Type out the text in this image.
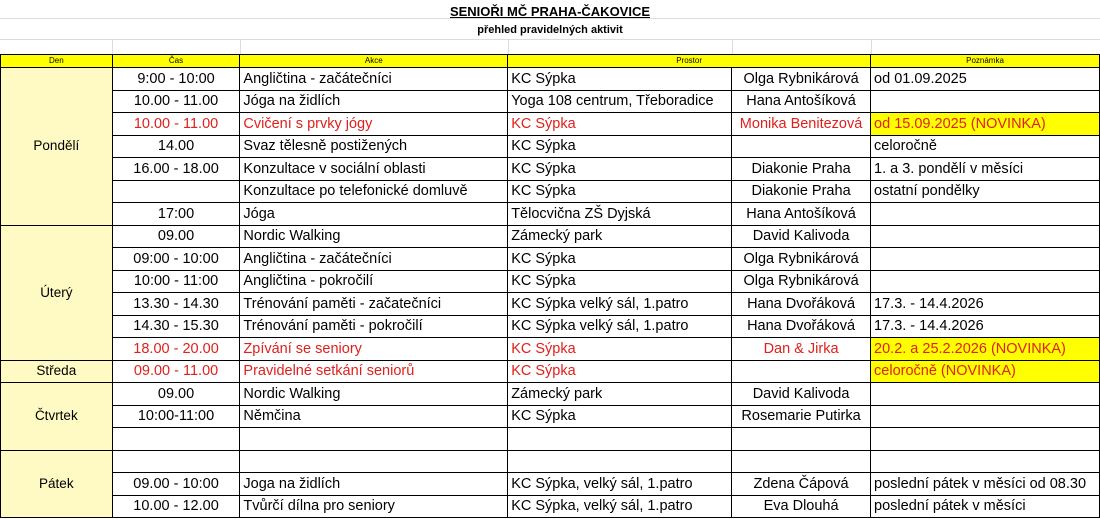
SENIOŘI MČ PRAHA-ČAKOVICE
přehled pravidelných aktivit
Den	Čas	Akce	Prostor		Poznámka
Pondělí	9:00 - 10:00	Angličtina - začátečníci	KC Sýpka	Olga Rybnikárová	od 01.09.2025
	10.00 - 11.00	Jóga na židlích	Yoga 108 centrum, Třeboradice	Hana Antošíková	
	10.00 - 11.00	Cvičení s prvky jógy	KC Sýpka	Monika Benitezová	od 15.09.2025 (NOVINKA)
	14.00	Svaz tělesně postižených	KC Sýpka		celoročně
	16.00 - 18.00	Konzultace v sociální oblasti	KC Sýpka	Diakonie Praha	1. a 3. pondělí v měsíci
		Konzultace po telefonické domluvě	KC Sýpka	Diakonie Praha	ostatní pondělky
	17:00	Jóga	Tělocvična ZŠ Dyjská	Hana Antošíková	
Úterý	09.00	Nordic Walking	Zámecký park	David Kalivoda	
	09:00 - 10:00	Angličtina - začátečníci	KC Sýpka	Olga Rybnikárová	
	10:00 - 11:00	Angličtina - pokročilí	KC Sýpka	Olga Rybnikárová	
	13.30 - 14.30	Trénování paměti - začatečníci	KC Sýpka velký sál, 1.patro	Hana Dvořáková	17.3. - 14.4.2026
	14.30 - 15.30	Trénování paměti - pokročilí	KC Sýpka velký sál, 1.patro	Hana Dvořáková	17.3. - 14.4.2026
	18.00 - 20.00	Zpívání se seniory	KC Sýpka	Dan & Jirka	20.2. a 25.2.2026 (NOVINKA)
Středa	09.00 - 11.00	Pravidelné setkání seniorů	KC Sýpka		celoročně (NOVINKA)
Čtvrtek	09.00	Nordic Walking	Zámecký park	David Kalivoda	
	10:00-11:00	Němčina	KC Sýpka	Rosemarie Putirka	

Pátek					
	09.00 - 10:00	Joga na židlích	KC Sýpka, velký sál, 1.patro	Zdena Čápová	poslední pátek v měsíci od 08.30
	10.00 - 12.00	Tvůrčí dílna pro seniory	KC Sýpka, velký sál, 1.patro	Eva Dlouhá	poslední pátek v měsíci
